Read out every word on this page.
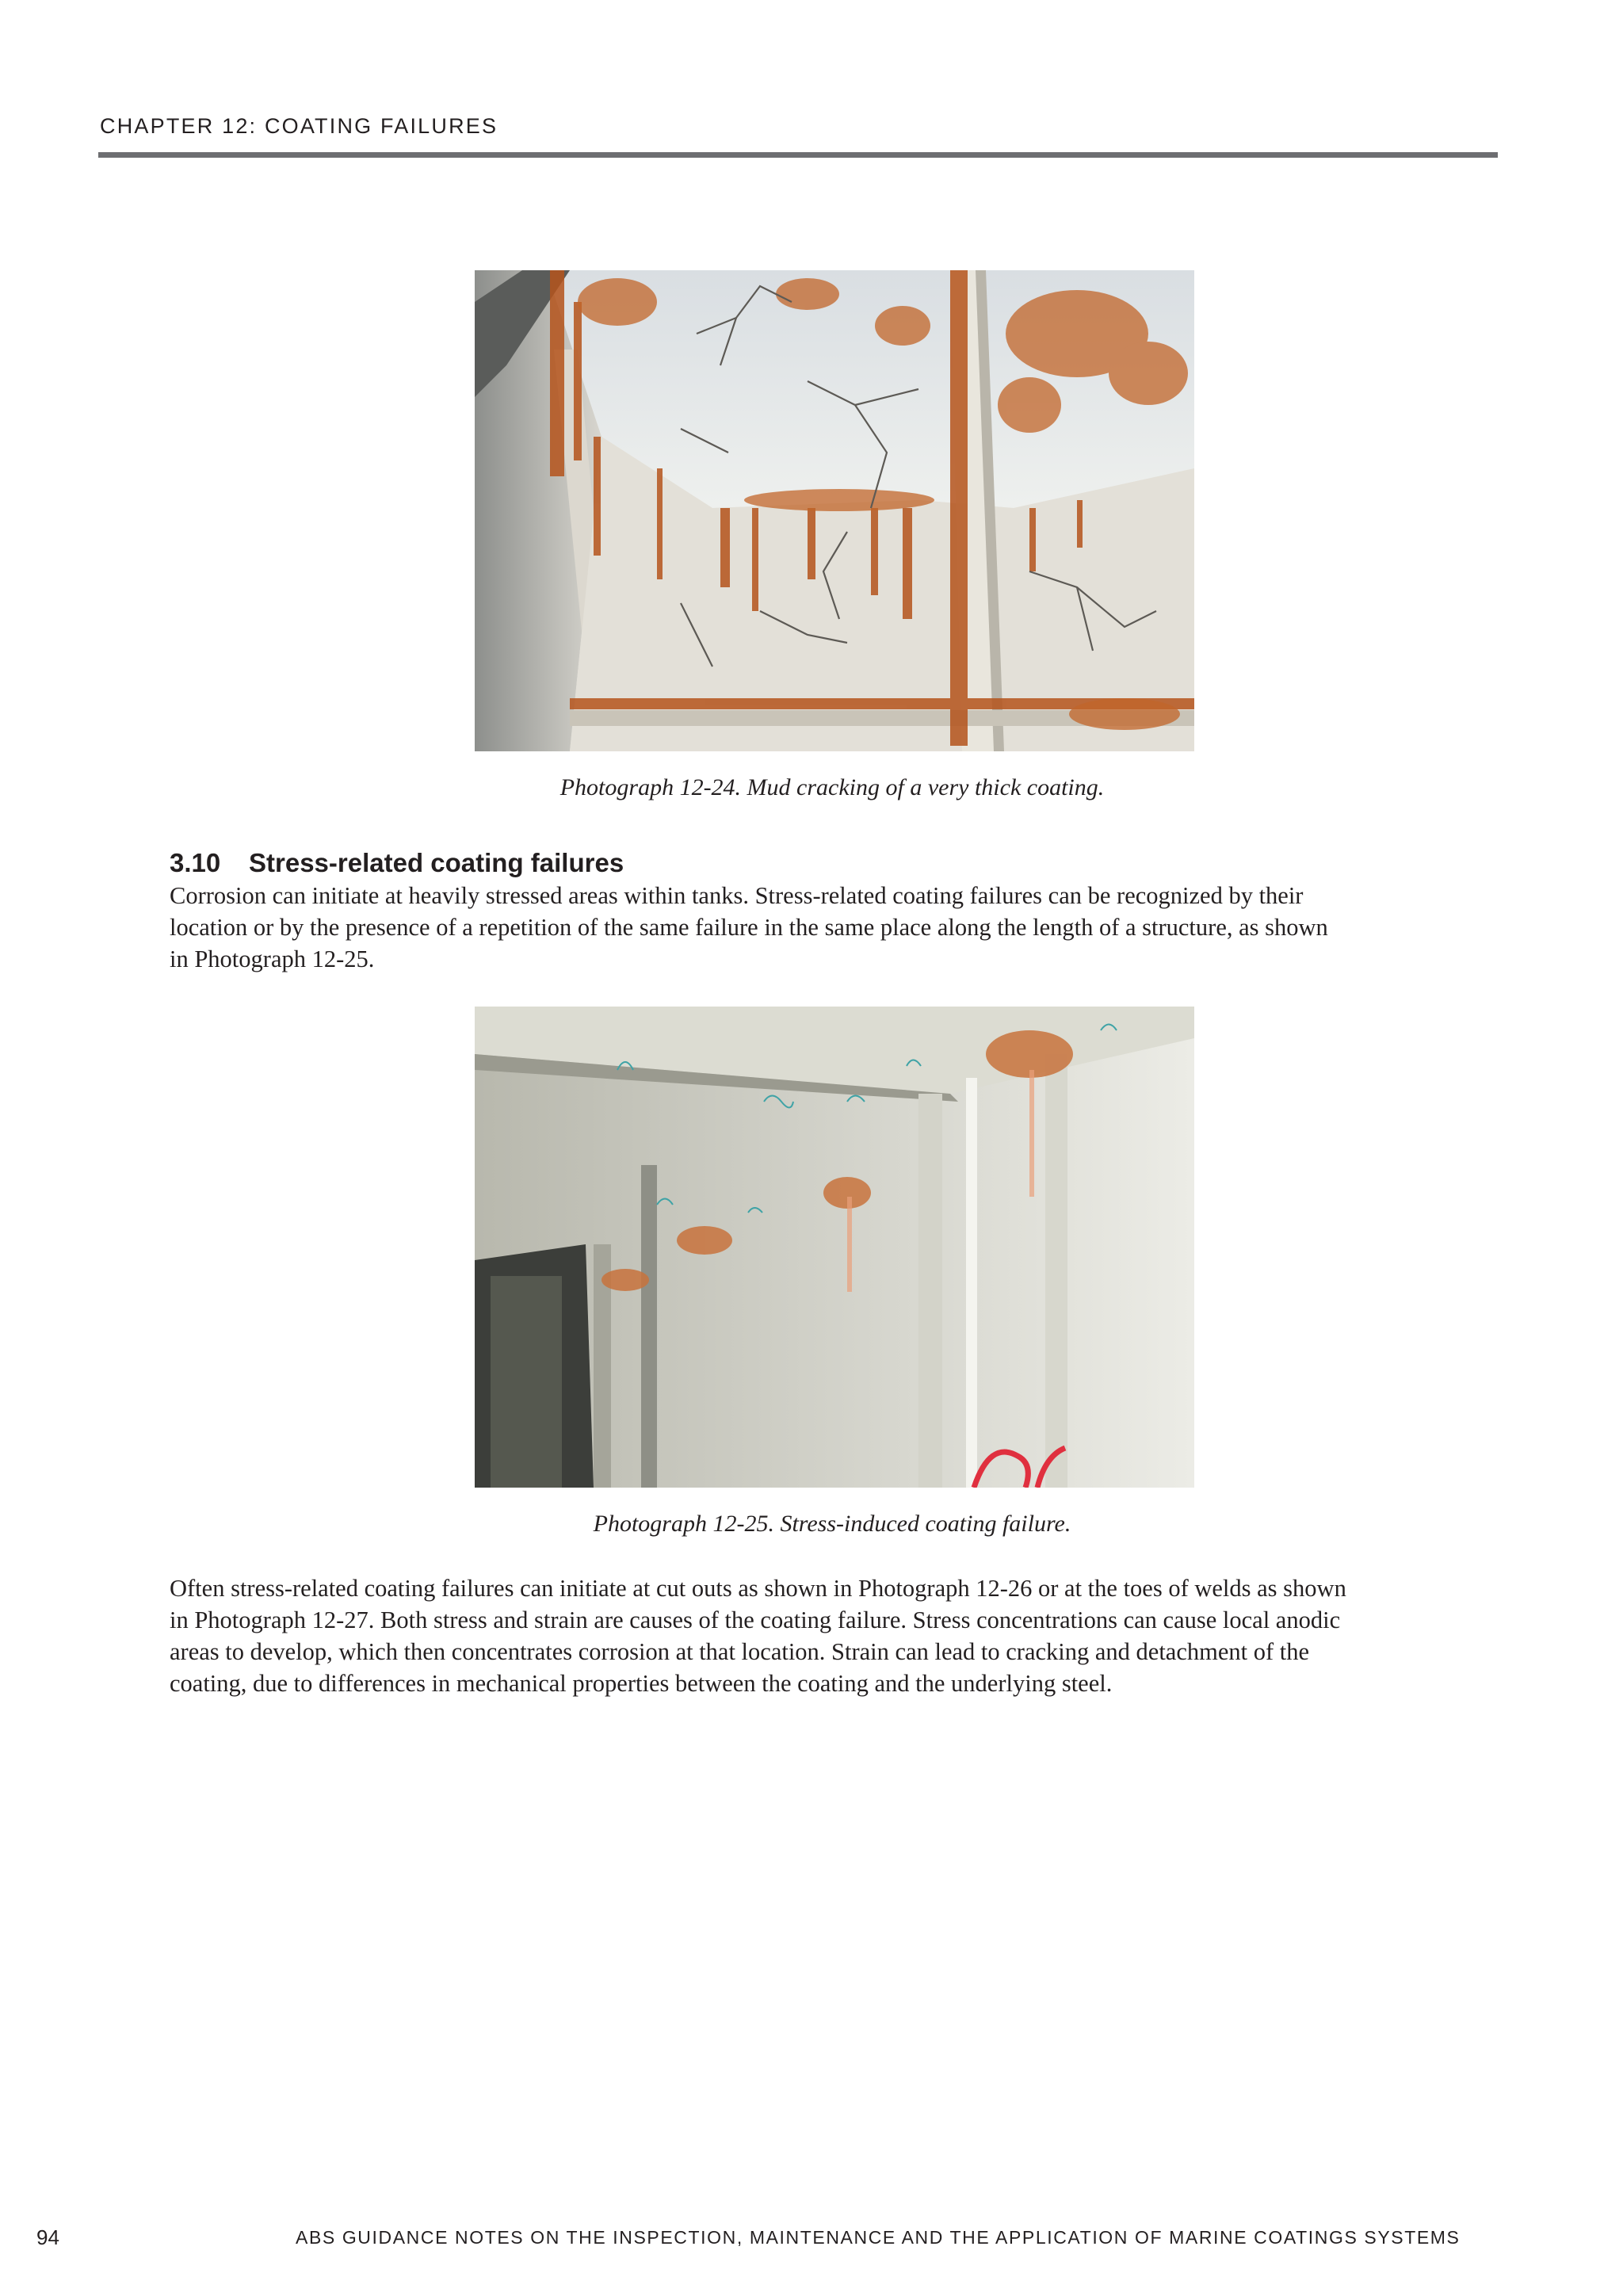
CHAPTER 12: COATING FAILURES
Photograph 12-24. Mud cracking of a very thick coating.
3.10 Stress-related coating failures
Corrosion can initiate at heavily stressed areas within tanks. Stress-related coating failures can be recognized by their
location or by the presence of a repetition of the same failure in the same place along the length of a structure, as shown
in Photograph 12-25.
Photograph 12-25. Stress-induced coating failure.
Often stress-related coating failures can initiate at cut outs as shown in Photograph 12-26 or at the toes of welds as shown
in Photograph 12-27. Both stress and strain are causes of the coating failure. Stress concentrations can cause local anodic
areas to develop, which then concentrates corrosion at that location. Strain can lead to cracking and detachment of the
coating, due to differences in mechanical properties between the coating and the underlying steel.
94	ABS GUIDANCE NOTES ON THE INSPECTION, MAINTENANCE AND THE APPLICATION OF MARINE COATINGS SYSTEMS
